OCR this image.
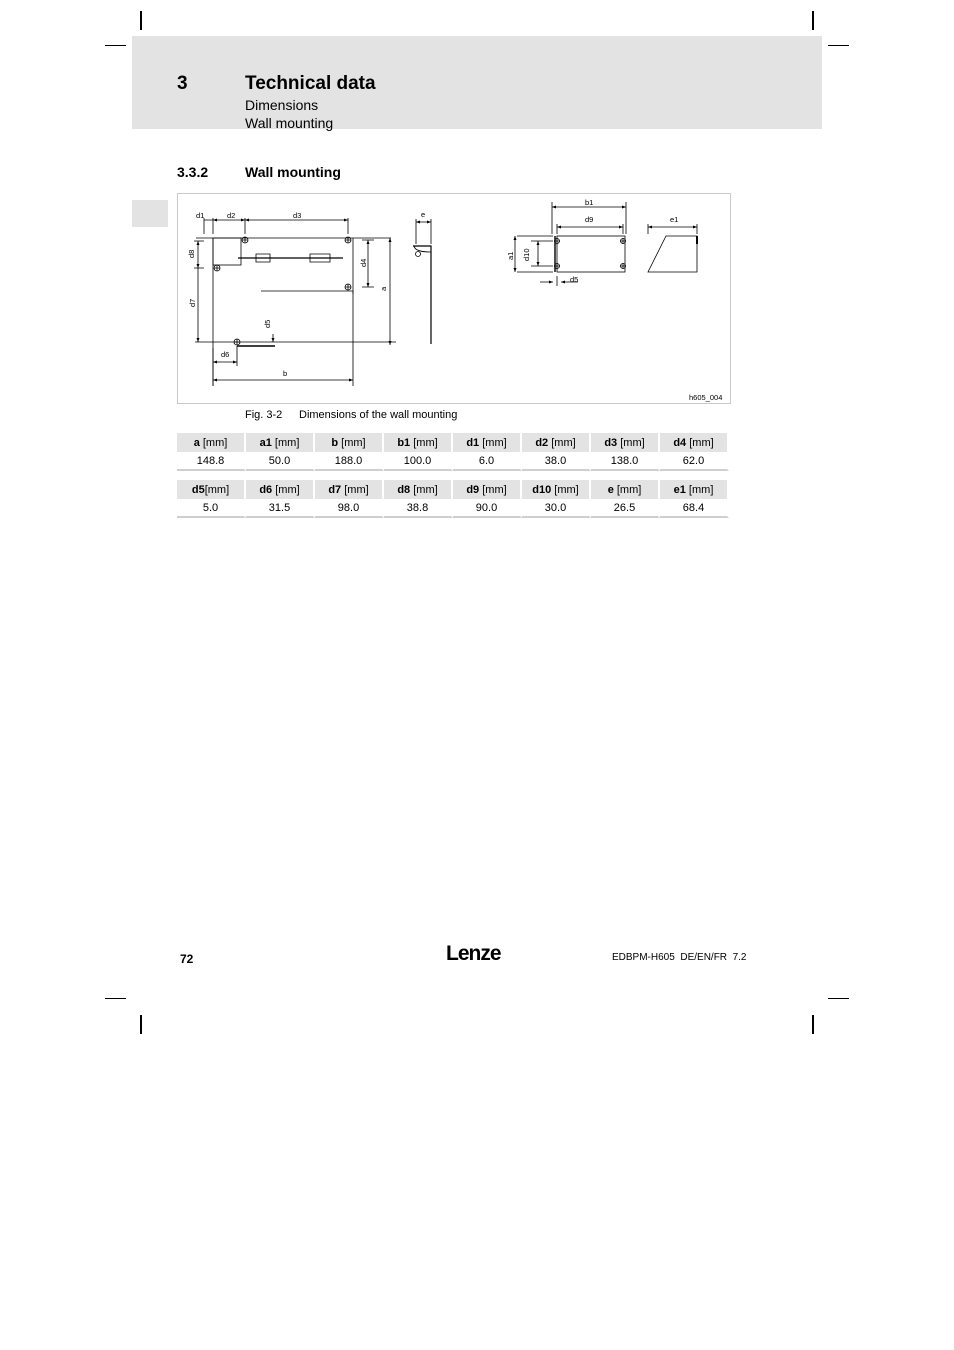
3	Technical data
Dimensions
Wall mounting
3.3.2	Wall mounting
d1	d2	d3
d4
d5
d6
d7
d8
a
b
e
b1
d9
a1 d10
d5
e1
h605_004
Fig. 3-2 Dimensions of the wall mounting
a [mm]	a1 [mm]	b [mm]	b1 [mm]	d1 [mm]	d2 [mm]	d3 [mm]	d4 [mm]
148.8	50.0	188.0	100.0	6.0	38.0	138.0	62.0
d5[mm]	d6 [mm]	d7 [mm]	d8 [mm]	d9 [mm]	d10 [mm]	e [mm]	e1 [mm]
5.0	31.5	98.0	38.8	90.0	30.0	26.5	68.4
72	Lenze	EDBPM-H605  DE/EN/FR  7.2
